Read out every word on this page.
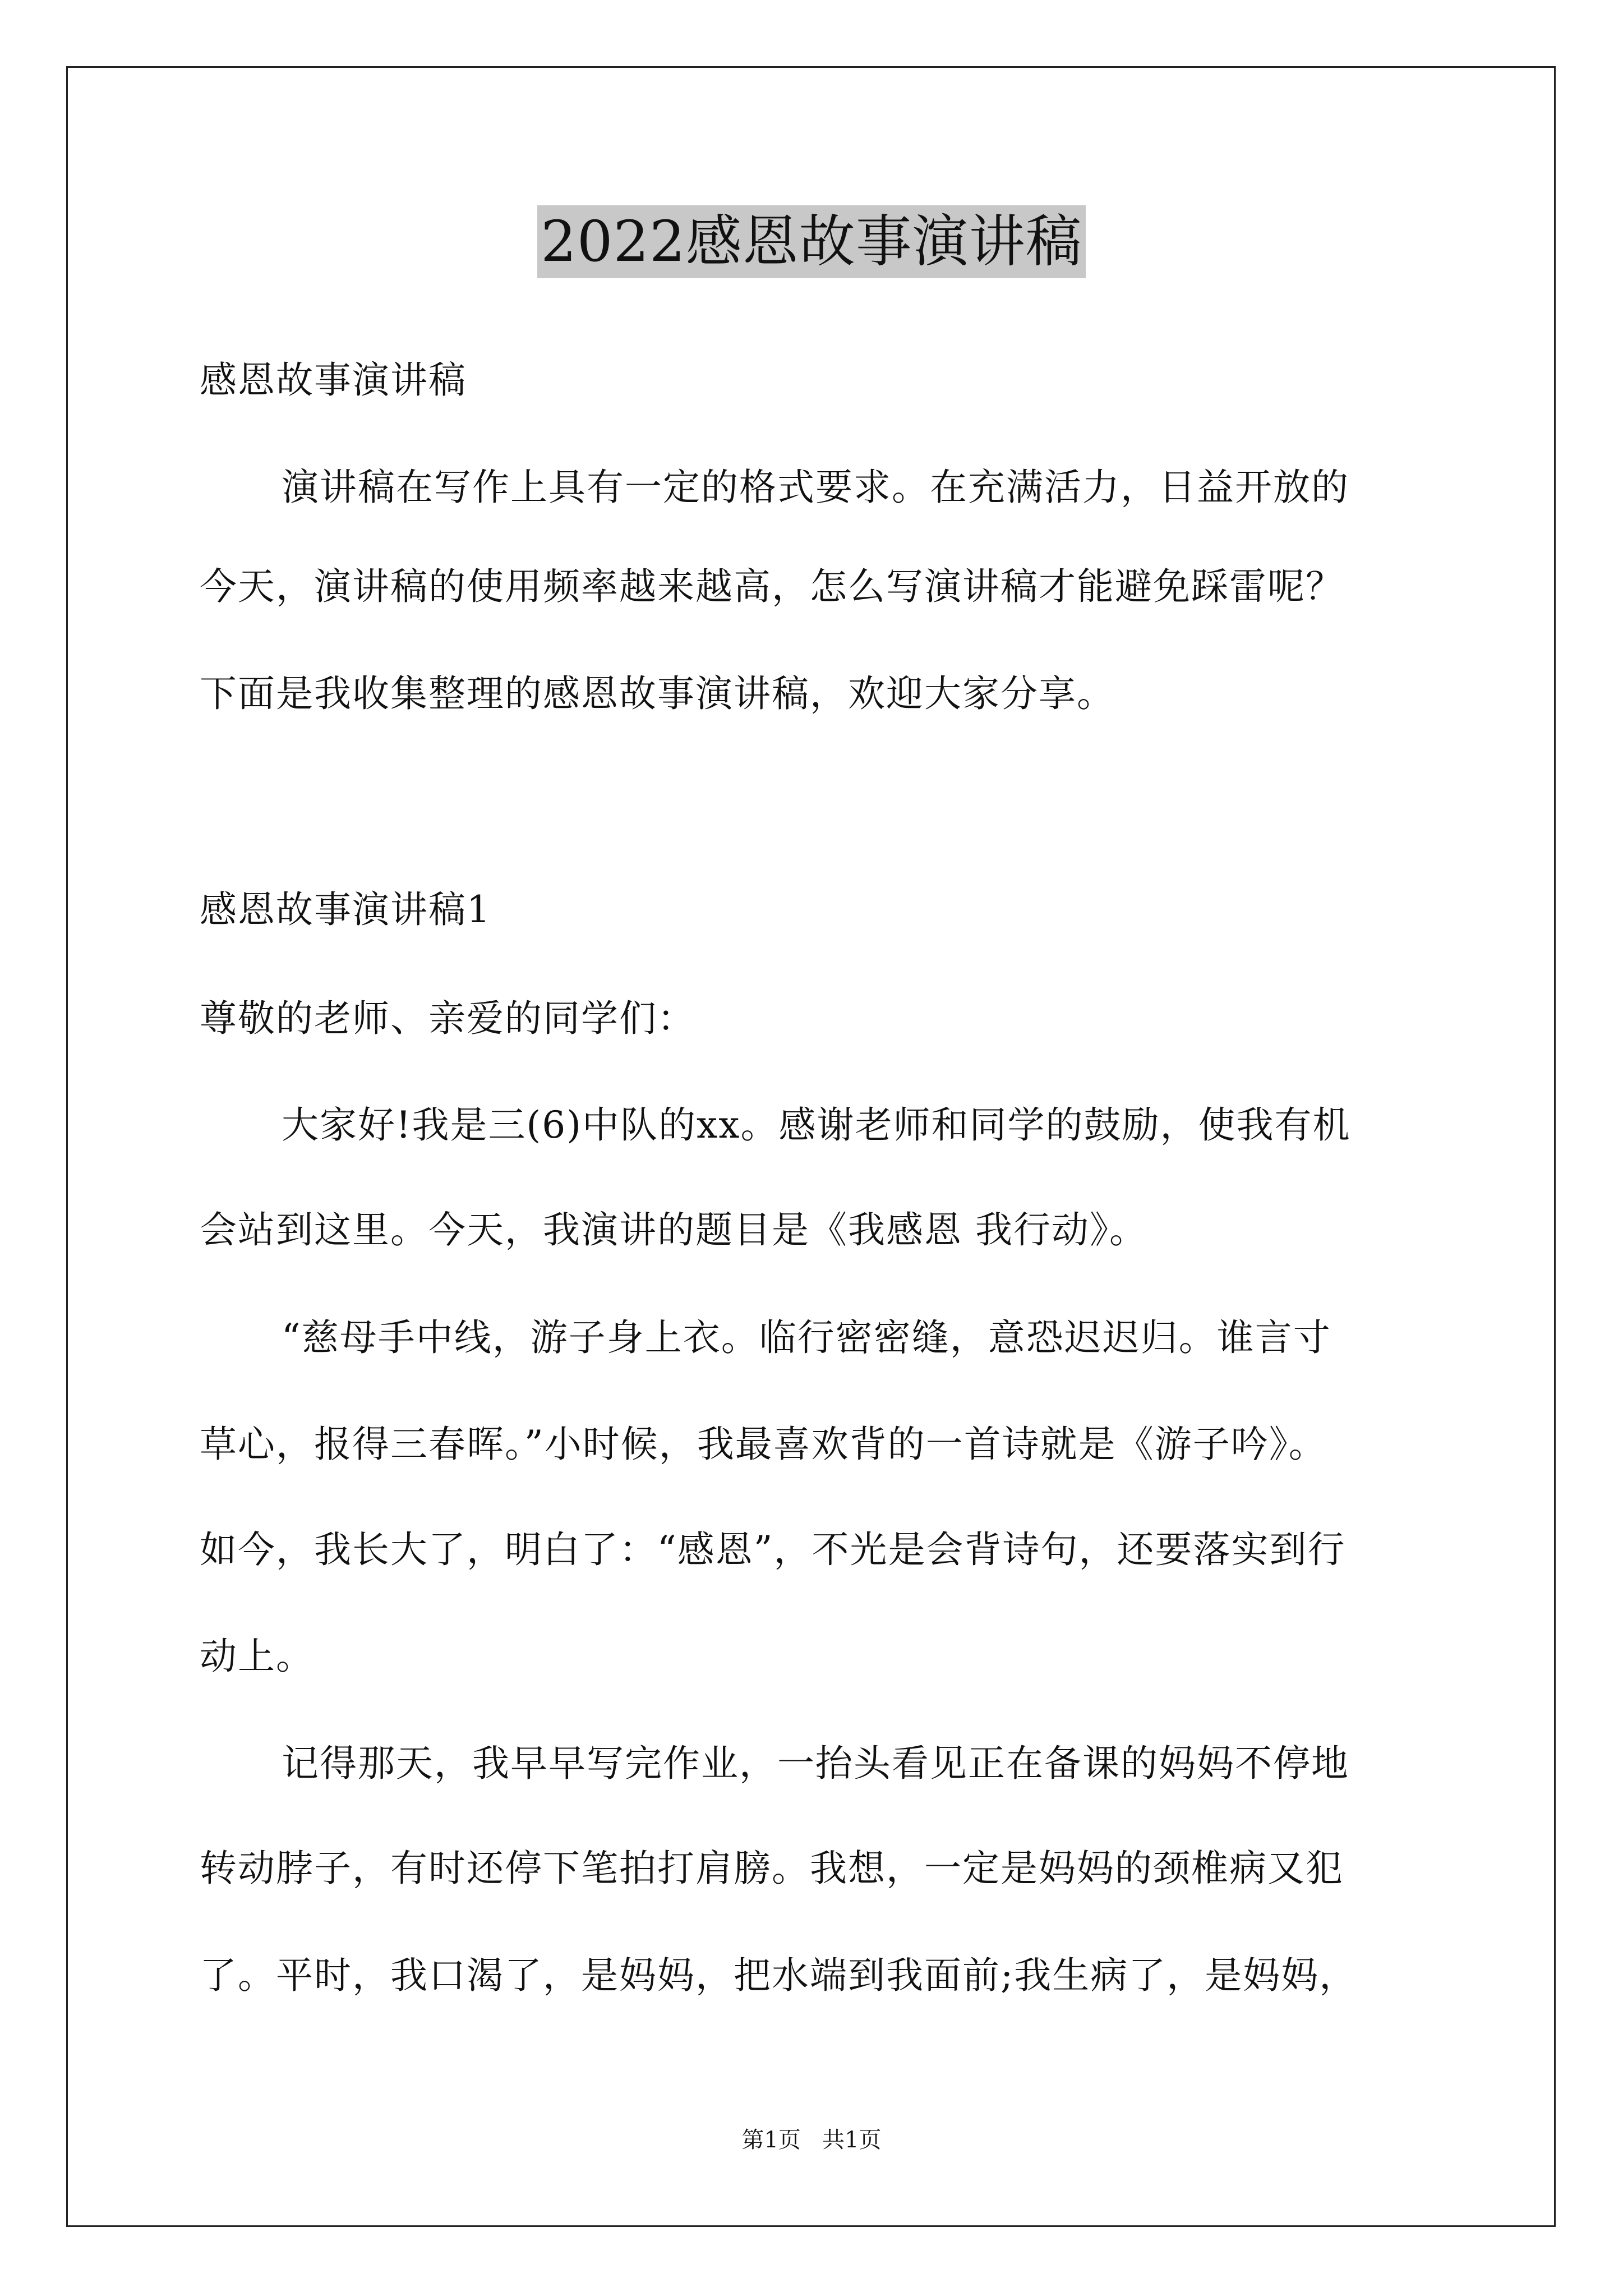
2022感恩故事演讲稿
感恩故事演讲稿
演讲稿在写作上具有一定的格式要求。在充满活力，日益开放的
今天，演讲稿的使用频率越来越高，怎么写演讲稿才能避免踩雷呢？
下面是我收集整理的感恩故事演讲稿，欢迎大家分享。
感恩故事演讲稿1
尊敬的老师、亲爱的同学们：
大家好!我是三(6)中队的xx。感谢老师和同学的鼓励，使我有机
会站到这里。今天，我演讲的题目是《我感恩 我行动》。
“慈母手中线，游子身上衣。临行密密缝，意恐迟迟归。谁言寸
草心，报得三春晖。”小时候，我最喜欢背的一首诗就是《游子吟》。
如今，我长大了，明白了：“感恩”，不光是会背诗句，还要落实到行
动上。
记得那天，我早早写完作业，一抬头看见正在备课的妈妈不停地
转动脖子，有时还停下笔拍打肩膀。我想，一定是妈妈的颈椎病又犯
了。平时，我口渴了，是妈妈，把水端到我面前;我生病了，是妈妈，
第1页   共1页
